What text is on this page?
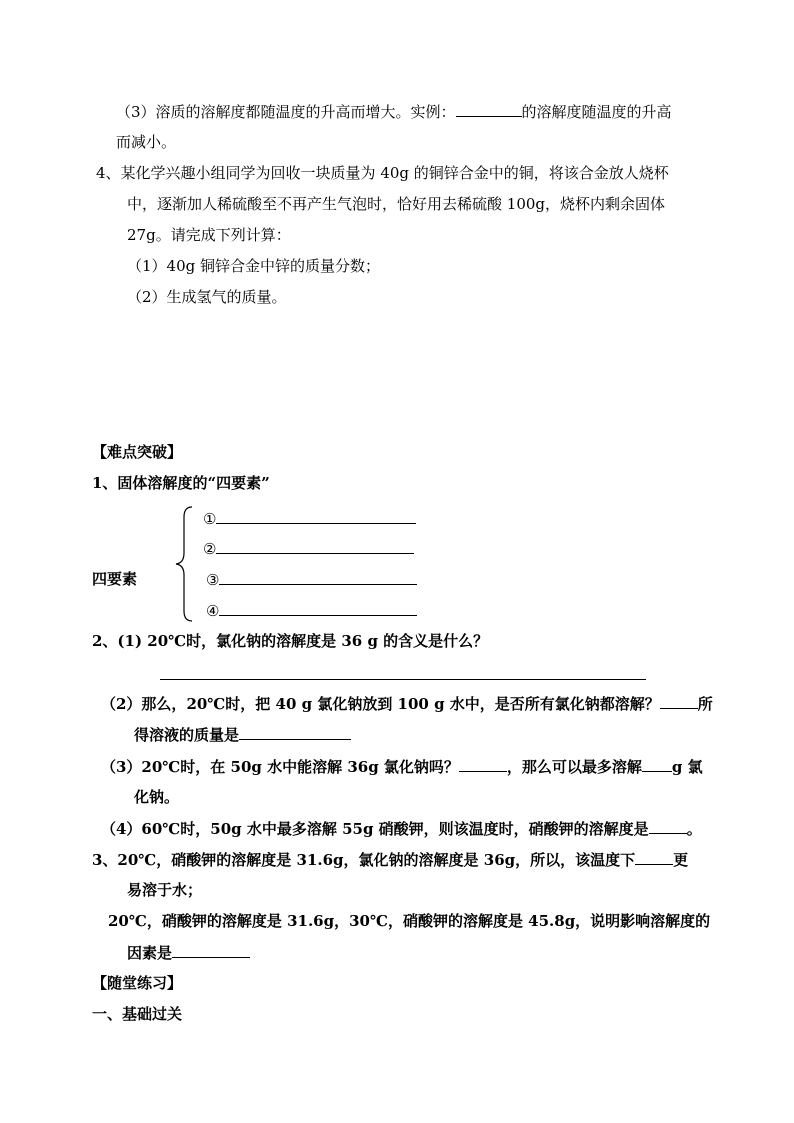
（3）溶质的溶解度都随温度的升高而增大。实例：	的溶解度随温度的升高
而减小。
4、某化学兴趣小组同学为回收一块质量为 40g 的铜锌合金中的铜，将该合金放人烧杯
中，逐渐加人稀硫酸至不再产生气泡时，恰好用去稀硫酸 100g，烧杯内剩余固体
27g。请完成下列计算：
（1）40g 铜锌合金中锌的质量分数；
（2）生成氢气的质量。
【难点突破】
1、固体溶解度的“四要素”
四要素
①
②
③
④
2、(1) 20℃时，氯化钠的溶解度是 36 g 的含义是什么？
（2）那么，20℃时，把 40 g 氯化钠放到 100 g 水中，是否所有氯化钠都溶解？	所
得溶液的质量是
（3）20℃时，在 50g 水中能溶解 36g 氯化钠吗？	，那么可以最多溶解 g 氯
化钠。
（4）60℃时，50g 水中最多溶解 55g 硝酸钾，则该温度时，硝酸钾的溶解度是	。
3、20℃，硝酸钾的溶解度是 31.6g，氯化钠的溶解度是 36g，所以，该温度下	更
易溶于水；
20℃，硝酸钾的溶解度是 31.6g，30℃，硝酸钾的溶解度是 45.8g，说明影响溶解度的
因素是
【随堂练习】
一、基础过关
